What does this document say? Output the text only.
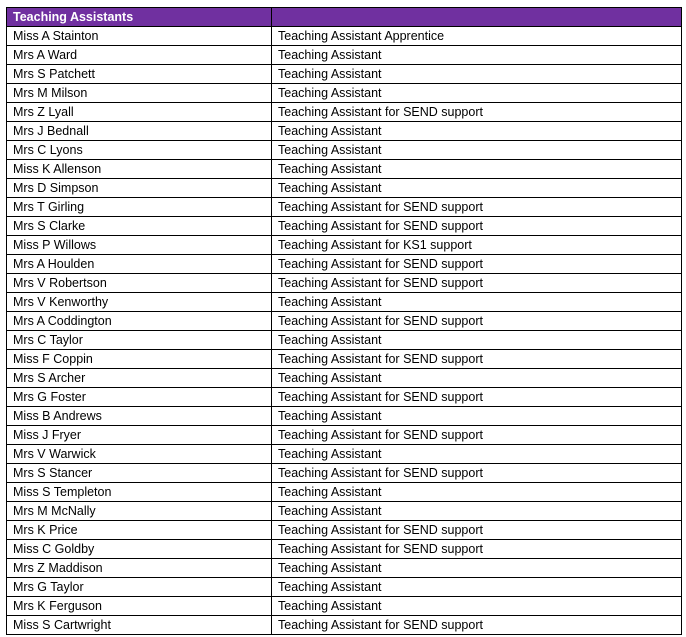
Teaching Assistants	
Miss A Stainton	Teaching Assistant Apprentice
Mrs A Ward	Teaching Assistant
Mrs S Patchett	Teaching Assistant
Mrs M Milson	Teaching Assistant
Mrs Z Lyall	Teaching Assistant for SEND support
Mrs J Bednall	Teaching Assistant
Mrs C Lyons	Teaching Assistant
Miss K Allenson	Teaching Assistant
Mrs D Simpson	Teaching Assistant
Mrs T Girling	Teaching Assistant for SEND support
Mrs S Clarke	Teaching Assistant for SEND support
Miss P Willows	Teaching Assistant for KS1 support
Mrs A Houlden	Teaching Assistant for SEND support
Mrs V Robertson	Teaching Assistant for SEND support
Mrs V Kenworthy	Teaching Assistant
Mrs A Coddington	Teaching Assistant for SEND support
Mrs C Taylor	Teaching Assistant
Miss F Coppin	Teaching Assistant for SEND support
Mrs S Archer	Teaching Assistant
Mrs G Foster	Teaching Assistant for SEND support
Miss B Andrews	Teaching Assistant
Miss J Fryer	Teaching Assistant for SEND support
Mrs V Warwick	Teaching Assistant
Mrs S Stancer	Teaching Assistant for SEND support
Miss S Templeton	Teaching Assistant
Mrs M McNally	Teaching Assistant
Mrs K Price	Teaching Assistant for SEND support
Miss C Goldby	Teaching Assistant for SEND support
Mrs Z Maddison	Teaching Assistant
Mrs G Taylor	Teaching Assistant
Mrs K Ferguson	Teaching Assistant
Miss S Cartwright	Teaching Assistant for SEND support
